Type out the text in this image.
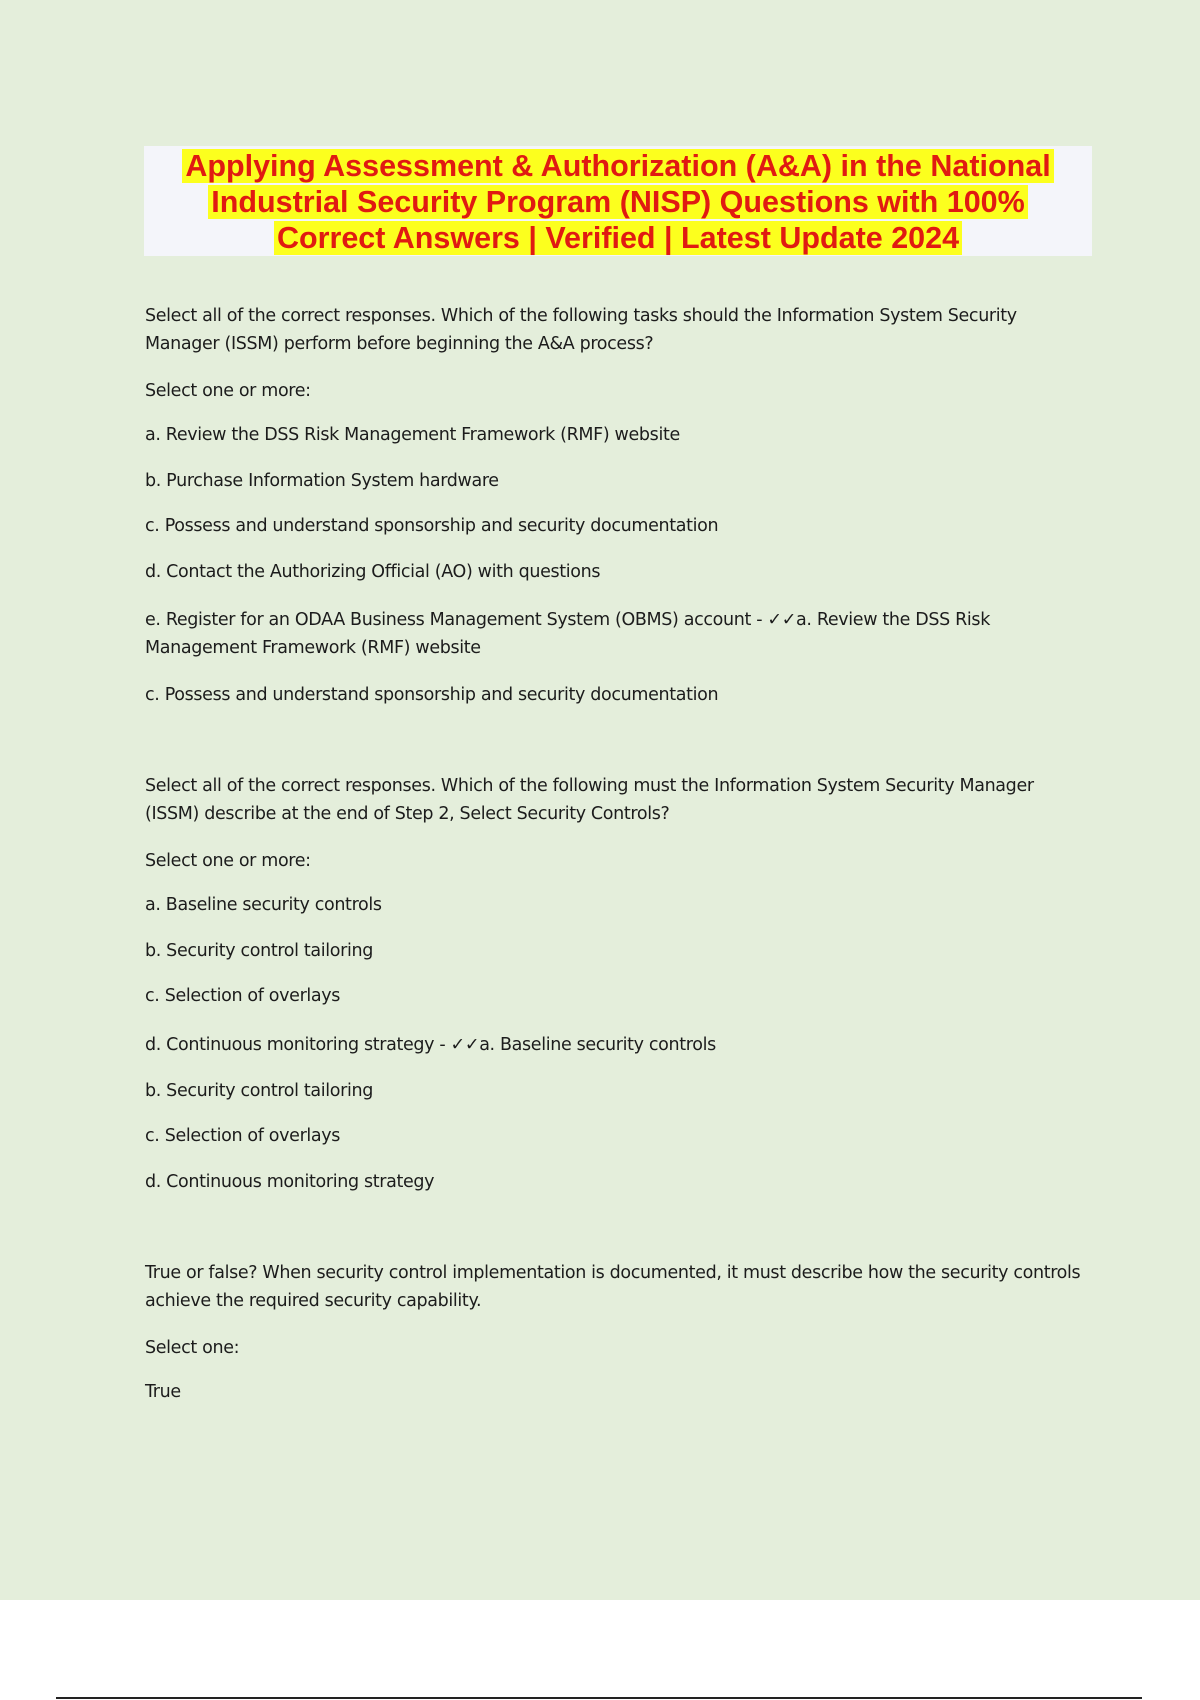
Applying Assessment & Authorization (A&A) in the National
Industrial Security Program (NISP) Questions with 100%
Correct Answers | Verified | Latest Update 2024

Select all of the correct responses. Which of the following tasks should the Information System Security Manager (ISSM) perform before beginning the A&A process?

Select one or more:

a. Review the DSS Risk Management Framework (RMF) website

b. Purchase Information System hardware

c. Possess and understand sponsorship and security documentation

d. Contact the Authorizing Official (AO) with questions

e. Register for an ODAA Business Management System (OBMS) account - ✓✓a. Review the DSS Risk Management Framework (RMF) website

c. Possess and understand sponsorship and security documentation

Select all of the correct responses. Which of the following must the Information System Security Manager (ISSM) describe at the end of Step 2, Select Security Controls?

Select one or more:

a. Baseline security controls

b. Security control tailoring

c. Selection of overlays

d. Continuous monitoring strategy - ✓✓a. Baseline security controls

b. Security control tailoring

c. Selection of overlays

d. Continuous monitoring strategy

True or false? When security control implementation is documented, it must describe how the security controls achieve the required security capability.

Select one:

True
